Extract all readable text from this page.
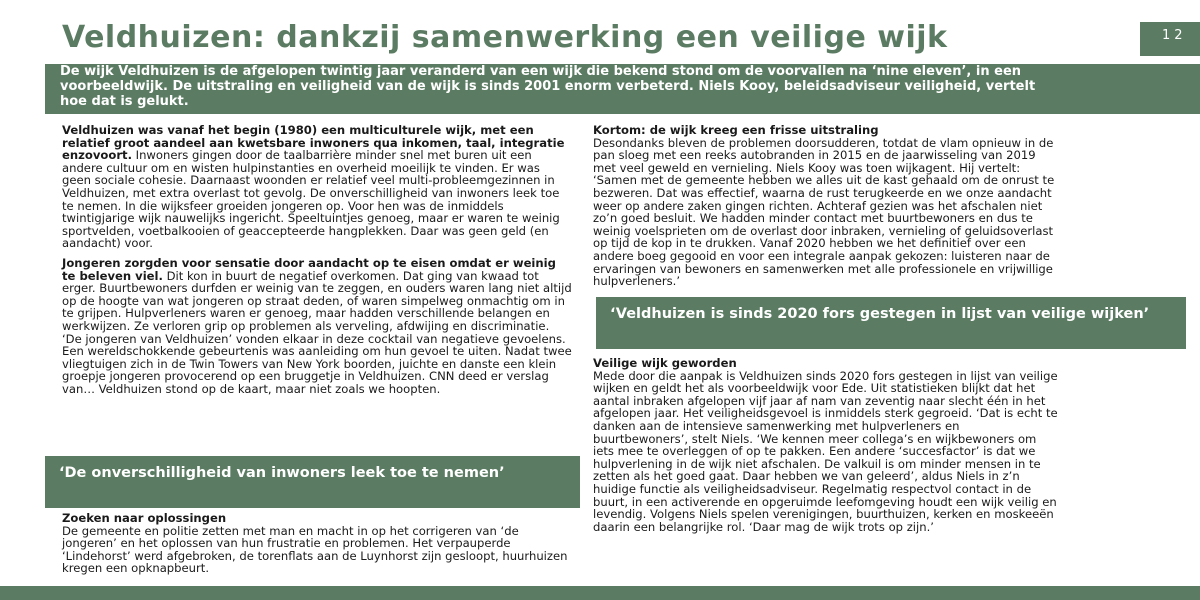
Veldhuizen: dankzij samenwerking een veilige wijk	12
De wijk Veldhuizen is de afgelopen twintig jaar veranderd van een wijk die bekend stond om de voorvallen na ‘nine eleven’, in een voorbeeldwijk. De uitstraling en veiligheid van de wijk is sinds 2001 enorm verbeterd. Niels Kooy, beleidsadviseur veiligheid, vertelt hoe dat is gelukt.

Veldhuizen was vanaf het begin (1980) een multiculturele wijk, met een relatief groot aandeel aan kwetsbare inwoners qua inkomen, taal, integratie enzovoort. Inwoners gingen door de taalbarrière minder snel met buren uit een andere cultuur om en wisten hulpinstanties en overheid moeilijk te vinden. Er was geen sociale cohesie. Daarnaast woonden er relatief veel multi-probleemgezinnen in Veldhuizen, met extra overlast tot gevolg. De onverschilligheid van inwoners leek toe te nemen. In die wijksfeer groeiden jongeren op. Voor hen was de inmiddels twintigjarige wijk nauwelijks ingericht. Speeltuintjes genoeg, maar er waren te weinig sportvelden, voetbalkooien of geaccepteerde hangplekken. Daar was geen geld (en aandacht) voor.

Jongeren zorgden voor sensatie door aandacht op te eisen omdat er weinig te beleven viel. Dit kon in buurt de negatief overkomen. Dat ging van kwaad tot erger. Buurtbewoners durfden er weinig van te zeggen, en ouders waren lang niet altijd op de hoogte van wat jongeren op straat deden, of waren simpelweg onmachtig om in te grijpen. Hulpverleners waren er genoeg, maar hadden verschillende belangen en werkwijzen. Ze verloren grip op problemen als verveling, afdwijing en discriminatie. ‘De jongeren van Veldhuizen’ vonden elkaar in deze cocktail van negatieve gevoelens. Een wereldschokkende gebeurtenis was aanleiding om hun gevoel te uiten. Nadat twee vliegtuigen zich in de Twin Towers van New York boorden, juichte en danste een klein groepje jongeren provocerend op een bruggetje in Veldhuizen. CNN deed er verslag van… Veldhuizen stond op de kaart, maar niet zoals we hoopten.

‘De onverschilligheid van inwoners leek toe te nemen’
Zoeken naar oplossingen

De gemeente en politie zetten met man en macht in op het corrigeren van ‘de jongeren’ en het oplossen van hun frustratie en problemen. Het verpauperde ‘Lindehorst’ werd afgebroken, de torenflats aan de Luynhorst zijn gesloopt, huurhuizen kregen een opknapbeurt.

Kortom: de wijk kreeg een frisse uitstraling

Desondanks bleven de problemen doorsudderen, totdat de vlam opnieuw in de pan sloeg met een reeks autobranden in 2015 en de jaarwisseling van 2019 met veel geweld en vernieling. Niels Kooy was toen wijkagent. Hij vertelt: ‘Samen met de gemeente hebben we alles uit de kast gehaald om de onrust te bezweren. Dat was effectief, waarna de rust terugkeerde en we onze aandacht weer op andere zaken gingen richten. Achteraf gezien was het afschalen niet zo’n goed besluit. We hadden minder contact met buurtbewoners en dus te weinig voelsprieten om de overlast door inbraken, vernieling of geluidsoverlast op tijd de kop in te drukken. Vanaf 2020 hebben we het definitief over een andere boeg gegooid en voor een integrale aanpak gekozen: luisteren naar de ervaringen van bewoners en samenwerken met alle professionele en vrijwillige hulpverleners.’

‘Veldhuizen is sinds 2020 fors gestegen in lijst van veilige wijken’
Veilige wijk geworden

Mede door die aanpak is Veldhuizen sinds 2020 fors gestegen in lijst van veilige wijken en geldt het als voorbeeldwijk voor Ede. Uit statistieken blijkt dat het aantal inbraken afgelopen vijf jaar af nam van zeventig naar slecht één in het afgelopen jaar. Het veiligheidsgevoel is inmiddels sterk gegroeid. ‘Dat is echt te danken aan de intensieve samenwerking met hulpverleners en buurtbewoners’, stelt Niels. ‘We kennen meer collega’s en wijkbewoners om iets mee te overleggen of op te pakken. Een andere ‘succesfactor’ is dat we hulpverlening in de wijk niet afschalen. De valkuil is om minder mensen in te zetten als het goed gaat. Daar hebben we van geleerd’, aldus Niels in z’n huidige functie als veiligheidsadviseur. Regelmatig respectvol contact in de buurt, in een activerende en opgeruimde leefomgeving houdt een wijk veilig en levendig. Volgens Niels spelen verenigingen, buurthuizen, kerken en moskeeën daarin een belangrijke rol. ‘Daar mag de wijk trots op zijn.’
